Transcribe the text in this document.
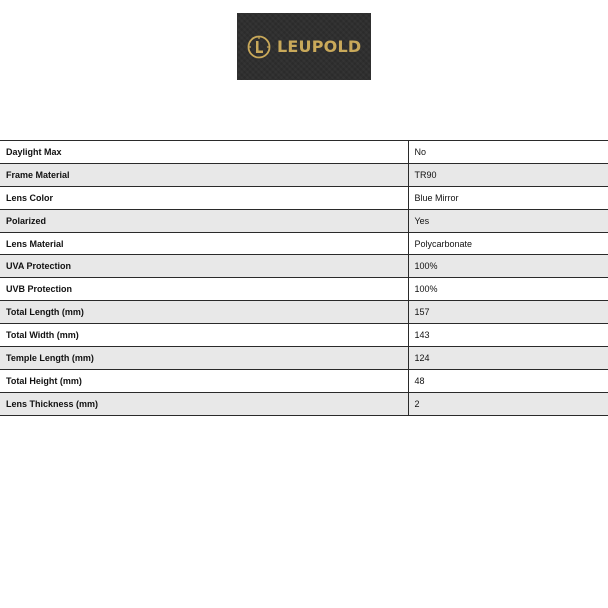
LEUPOLD
Daylight Max	No
Frame Material	TR90
Lens Color	Blue Mirror
Polarized	Yes
Lens Material	Polycarbonate
UVA Protection	100%
UVB Protection	100%
Total Length (mm)	157
Total Width (mm)	143
Temple Length (mm)	124
Total Height (mm)	48
Lens Thickness (mm)	2
